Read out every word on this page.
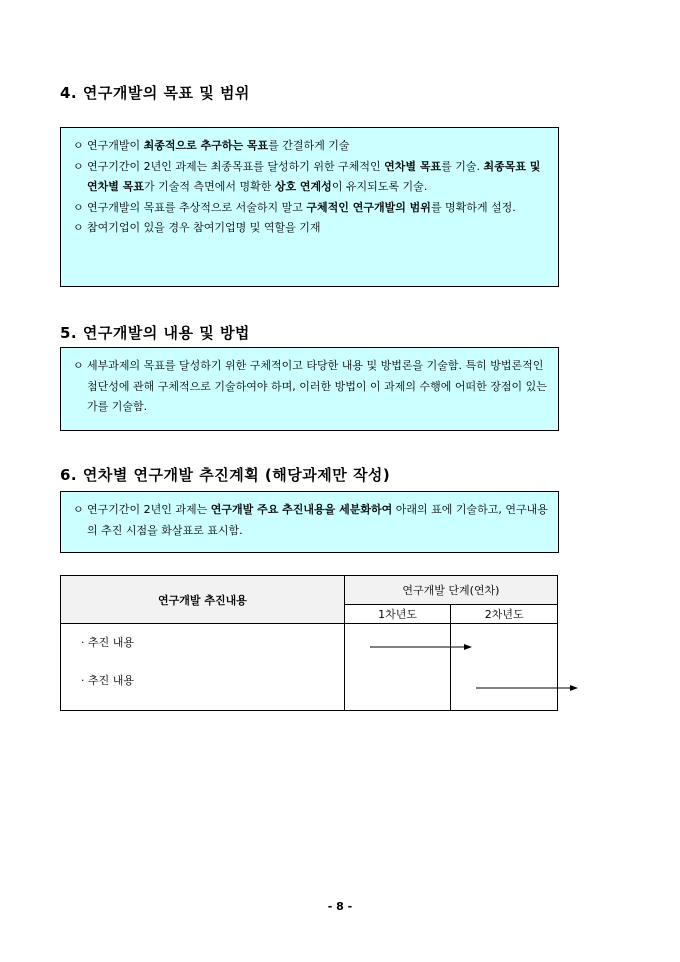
4. 연구개발의 목표 및 범위
ㅇ 연구개발이 최종적으로 추구하는 목표를 간결하게 기술
ㅇ 연구기간이 2년인 과제는 최종목표를 달성하기 위한 구체적인 연차별 목표를 기술. 최종목표 및 연차별 목표가 기술적 측면에서 명확한 상호 연계성이 유지되도록 기술.
ㅇ 연구개발의 목표를 추상적으로 서술하지 말고 구체적인 연구개발의 범위를 명확하게 설정.
ㅇ 참여기업이 있을 경우 참여기업명 및 역할을 기재
5. 연구개발의 내용 및 방법
ㅇ 세부과제의 목표를 달성하기 위한 구체적이고 타당한 내용 및 방법론을 기술함. 특히 방법론적인 첨단성에 관해 구체적으로 기술하여야 하며, 이러한 방법이 이 과제의 수행에 어떠한 장점이 있는가를 기술함.
6. 연차별 연구개발 추진계획 (해당과제만 작성)
ㅇ 연구기간이 2년인 과제는 연구개발 주요 추진내용을 세분화하여 아래의 표에 기술하고, 연구내용의 추진 시점을 화살표로 표시함.
연구개발 추진내용	연구개발 단계(연차)	
	1차년도	2차년도

· 추진 내용
· 추진 내용		

- 8 -
